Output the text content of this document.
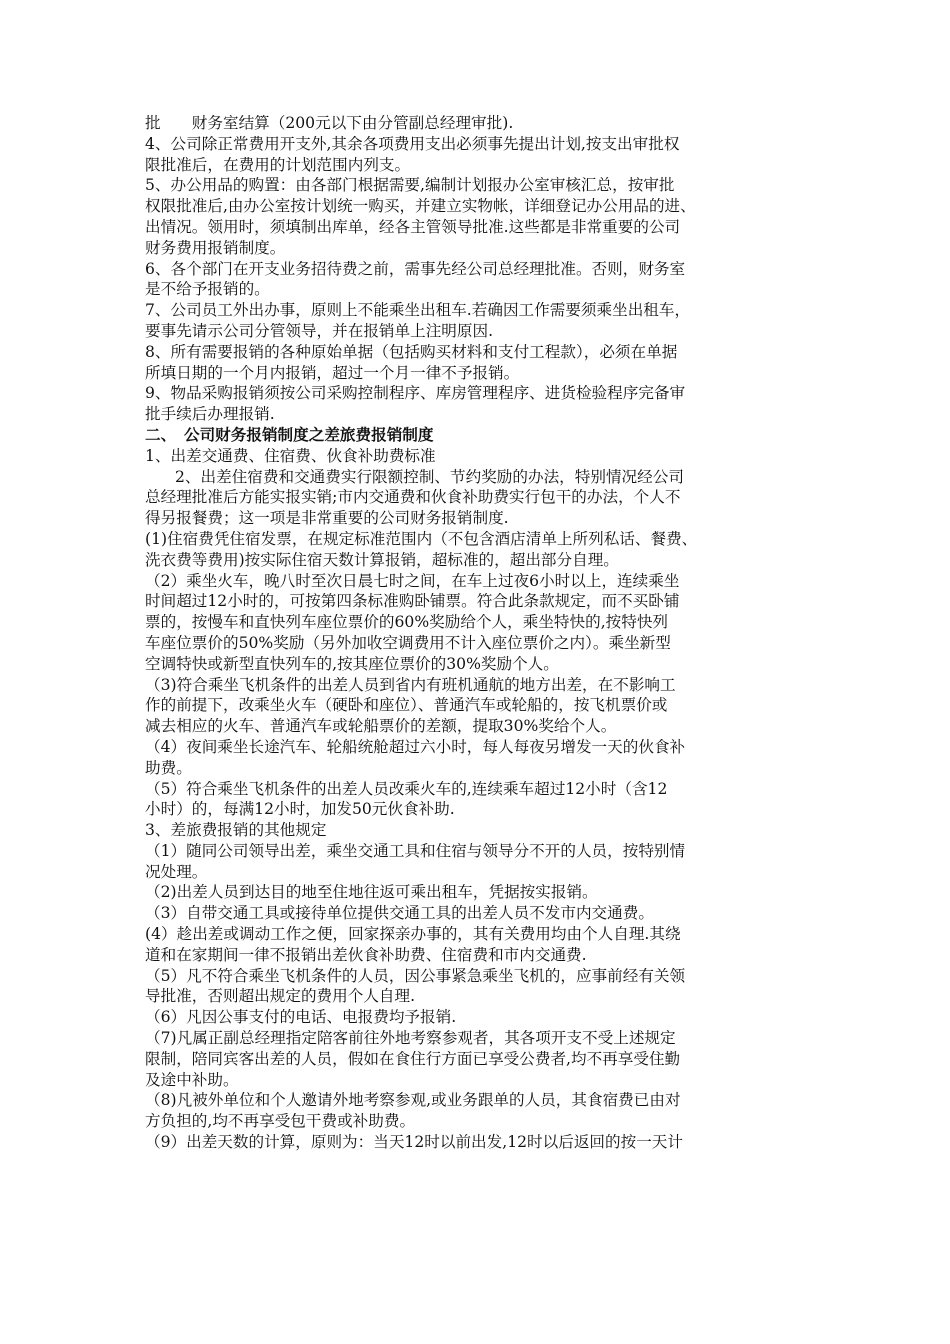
批　　财务室结算（200元以下由分管副总经理审批).
4、公司除正常费用开支外,其余各项费用支出必须事先提出计划,按支出审批权
限批准后，在费用的计划范围内列支。
5、办公用品的购置：由各部门根据需要,编制计划报办公室审核汇总，按审批
权限批准后,由办公室按计划统一购买，并建立实物帐，详细登记办公用品的进、
出情况。领用时，须填制出库单，经各主管领导批准.这些都是非常重要的公司
财务费用报销制度。
6、各个部门在开支业务招待费之前，需事先经公司总经理批准。否则，财务室
是不给予报销的。
7、公司员工外出办事，原则上不能乘坐出租车.若确因工作需要须乘坐出租车，
要事先请示公司分管领导，并在报销单上注明原因.
8、所有需要报销的各种原始单据（包括购买材料和支付工程款），必须在单据
所填日期的一个月内报销，超过一个月一律不予报销。
9、物品采购报销须按公司采购控制程序、库房管理程序、进货检验程序完备审
批手续后办理报销.
二、　公司财务报销制度之差旅费报销制度
1、出差交通费、住宿费、伙食补助费标准
2、出差住宿费和交通费实行限额控制、节约奖励的办法，特别情况经公司
总经理批准后方能实报实销;市内交通费和伙食补助费实行包干的办法，个人不
得另报餐费；这一项是非常重要的公司财务报销制度.
(1)住宿费凭住宿发票，在规定标准范围内（不包含酒店清单上所列私话、餐费、
洗衣费等费用)按实际住宿天数计算报销，超标准的，超出部分自理。
（2）乘坐火车，晚八时至次日晨七时之间，在车上过夜6小时以上，连续乘坐
时间超过12小时的，可按第四条标准购卧铺票。符合此条款规定，而不买卧铺
票的，按慢车和直快列车座位票价的60%奖励给个人，乘坐特快的,按特快列
车座位票价的50%奖励（另外加收空调费用不计入座位票价之内）。乘坐新型
空调特快或新型直快列车的,按其座位票价的30%奖励个人。
（3)符合乘坐飞机条件的出差人员到省内有班机通航的地方出差，在不影响工
作的前提下，改乘坐火车（硬卧和座位）、普通汽车或轮船的，按飞机票价或
减去相应的火车、普通汽车或轮船票价的差额，提取30%奖给个人。
（4）夜间乘坐长途汽车、轮船统舱超过六小时，每人每夜另增发一天的伙食补
助费。
（5）符合乘坐飞机条件的出差人员改乘火车的,连续乘车超过12小时（含12
小时）的，每满12小时，加发50元伙食补助.
3、差旅费报销的其他规定
（1）随同公司领导出差，乘坐交通工具和住宿与领导分不开的人员，按特别情
况处理。
（2)出差人员到达目的地至住地往返可乘出租车，凭据按实报销。
（3）自带交通工具或接待单位提供交通工具的出差人员不发市内交通费。
(4）趁出差或调动工作之便，回家探亲办事的，其有关费用均由个人自理.其绕
道和在家期间一律不报销出差伙食补助费、住宿费和市内交通费.
（5）凡不符合乘坐飞机条件的人员，因公事紧急乘坐飞机的，应事前经有关领
导批准，否则超出规定的费用个人自理.
（6）凡因公事支付的电话、电报费均予报销.
（7)凡属正副总经理指定陪客前往外地考察参观者，其各项开支不受上述规定
限制，陪同宾客出差的人员，假如在食住行方面已享受公费者,均不再享受住勤
及途中补助。
（8)凡被外单位和个人邀请外地考察参观,或业务跟单的人员，其食宿费已由对
方负担的,均不再享受包干费或补助费。
（9）出差天数的计算，原则为：当天12时以前出发,12时以后返回的按一天计
